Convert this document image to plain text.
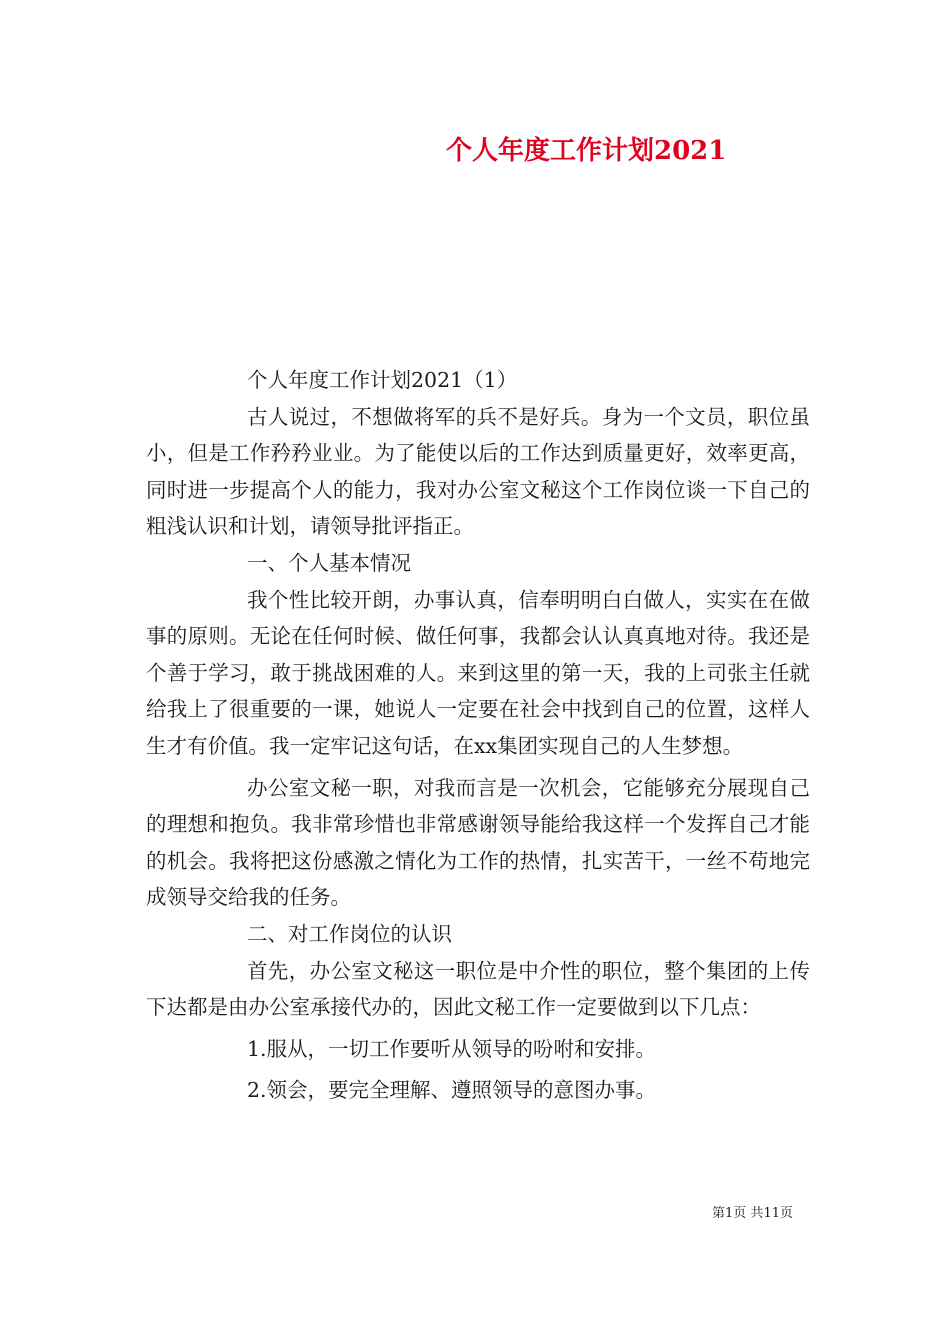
个人年度工作计划2021

个人年度工作计划2021（1）

古人说过，不想做将军的兵不是好兵。身为一个文员，职位虽小，但是工作矜矜业业。为了能使以后的工作达到质量更好，效率更高，同时进一步提高个人的能力，我对办公室文秘这个工作岗位谈一下自己的粗浅认识和计划，请领导批评指正。

一、个人基本情况

我个性比较开朗，办事认真，信奉明明白白做人，实实在在做事的原则。无论在任何时候、做任何事，我都会认认真真地对待。我还是个善于学习，敢于挑战困难的人。来到这里的第一天，我的上司张主任就给我上了很重要的一课，她说人一定要在社会中找到自己的位置，这样人生才有价值。我一定牢记这句话，在xx集团实现自己的人生梦想。

办公室文秘一职，对我而言是一次机会，它能够充分展现自己的理想和抱负。我非常珍惜也非常感谢领导能给我这样一个发挥自己才能的机会。我将把这份感激之情化为工作的热情，扎实苦干，一丝不苟地完成领导交给我的任务。

二、对工作岗位的认识

首先，办公室文秘这一职位是中介性的职位，整个集团的上传下达都是由办公室承接代办的，因此文秘工作一定要做到以下几点：

1.服从，一切工作要听从领导的吩咐和安排。

2.领会，要完全理解、遵照领导的意图办事。

第1页 共11页
